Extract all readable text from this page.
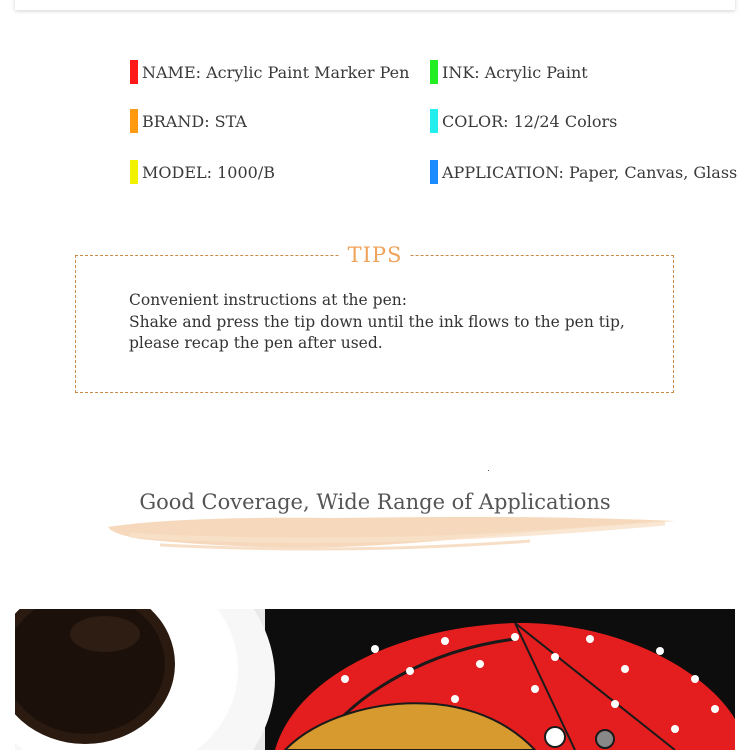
NAME: Acrylic Paint Marker Pen INK: Acrylic Paint
BRAND: STA	COLOR: 12/24 Colors
MODEL: 1000/B	APPLICATION: Paper, Canvas, Glass
TIPS
Convenient instructions at the pen:
Shake and press the tip down until the ink flows to the pen tip,
please recap the pen after used.
Good Coverage, Wide Range of Applications
